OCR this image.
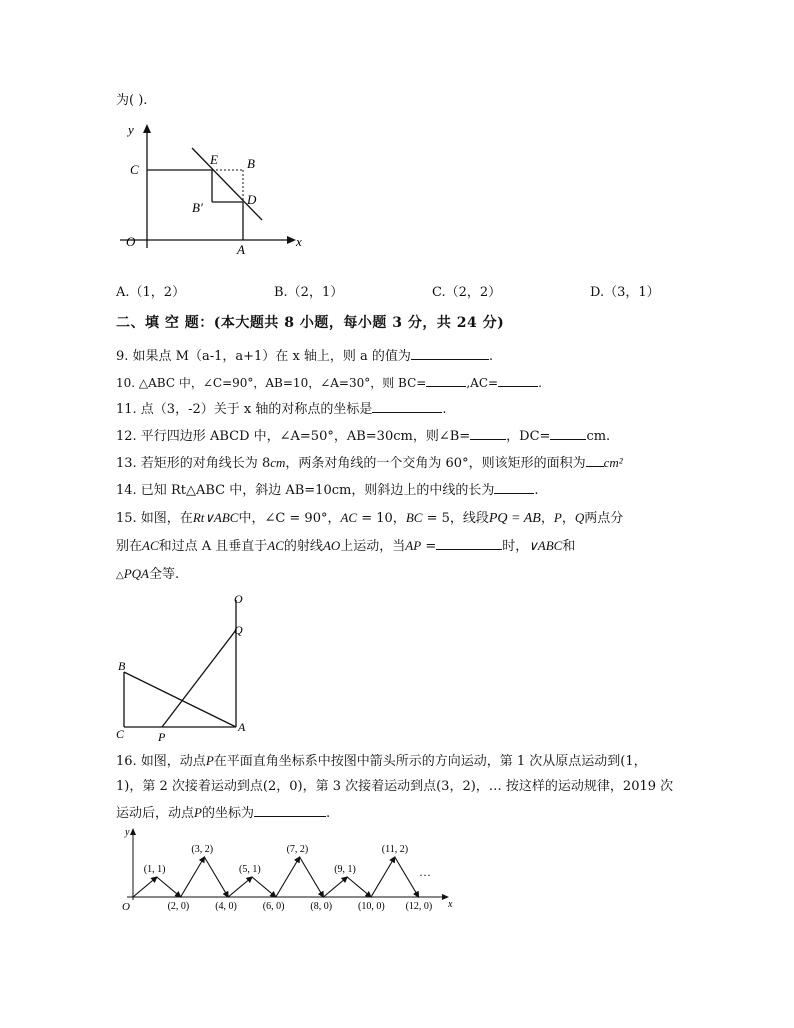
为( ).
y
x
C
E B
D
B′
O
A
A.（1，2）	B.（2，1）	C.（2，2）	D.（3，1）
二、填 空 题：(本大题共 8 小题，每小题 3 分，共 24 分)
9. 如果点 M（a-1，a+1）在 x 轴上，则 a 的值为	.
10. △ABC 中，∠C=90°，AB=10，∠A=30°，则 BC=	,AC=	.
11. 点（3，-2）关于 x 轴的对称点的坐标是	.
12. 平行四边形 ABCD 中，∠A=50°，AB=30cm，则∠B=	，DC=	cm.
13. 若矩形的对角线长为 8cm，两条对角线的一个交角为 60°，则该矩形的面积为 cm²
14. 已知 Rt△ABC 中，斜边 AB=10cm，则斜边上的中线的长为	.
15. 如图，在Rt∨ABC中，∠C = 90°，AC = 10，BC = 5，线段PQ = AB，P，Q两点分
别在AC和过点 A 且垂直于AC的射线AO上运动，当AP =	时，∨ABC和
△PQA全等.
O
Q
B
C	P
A
16. 如图，动点P在平面直角坐标系中按图中箭头所示的方向运动，第 1 次从原点运动到(1，
1)，第 2 次接着运动到点(2，0)，第 3 次接着运动到点(3，2)，… 按这样的运动规律，2019 次
运动后，动点P的坐标为	.
y
x
O
(1, 1)
(3, 2)
(5, 1)
(7, 2)
(9, 1)
(11, 2)
(2, 0)	(4, 0)	(6, 0)	(8, 0)	(10, 0) (12, 0)
…
